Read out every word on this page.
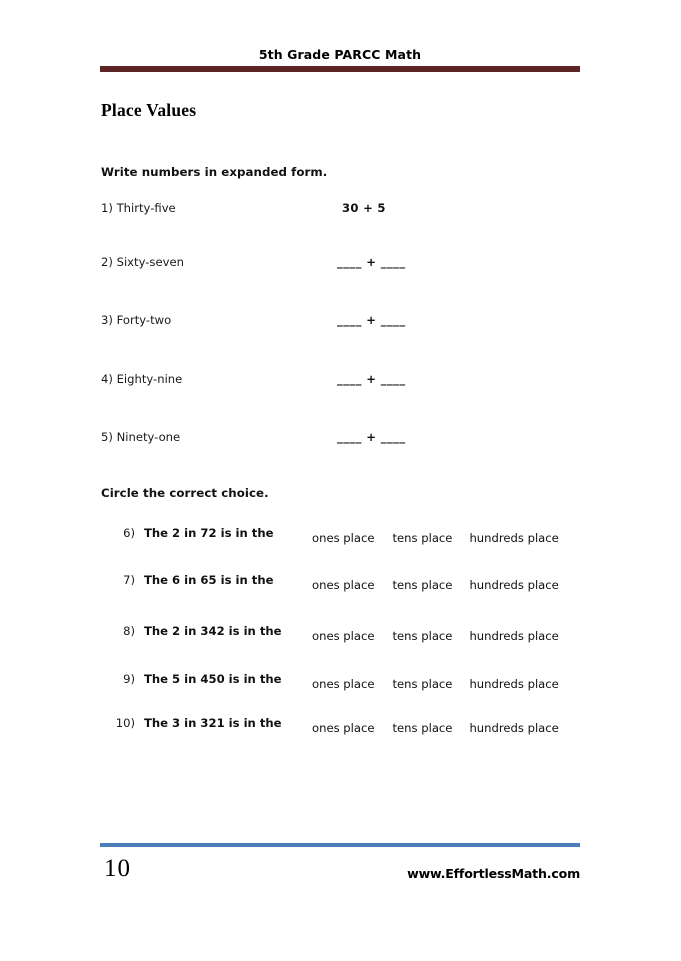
5th Grade PARCC Math
Place Values
Write numbers in expanded form.
1) Thirty-five	30 + 5
2) Sixty-seven	____ + ____
3) Forty-two	____ + ____
4) Eighty-nine	____ + ____
5) Ninety-one	____ + ____
Circle the correct choice.
6) The 2 in 72 is in the	ones place tens place hundreds place
7) The 6 in 65 is in the	ones place tens place hundreds place
8) The 2 in 342 is in the	ones place tens place hundreds place
9) The 5 in 450 is in the	ones place tens place hundreds place
10) The 3 in 321 is in the	ones place tens place hundreds place
10	www.EffortlessMath.com
